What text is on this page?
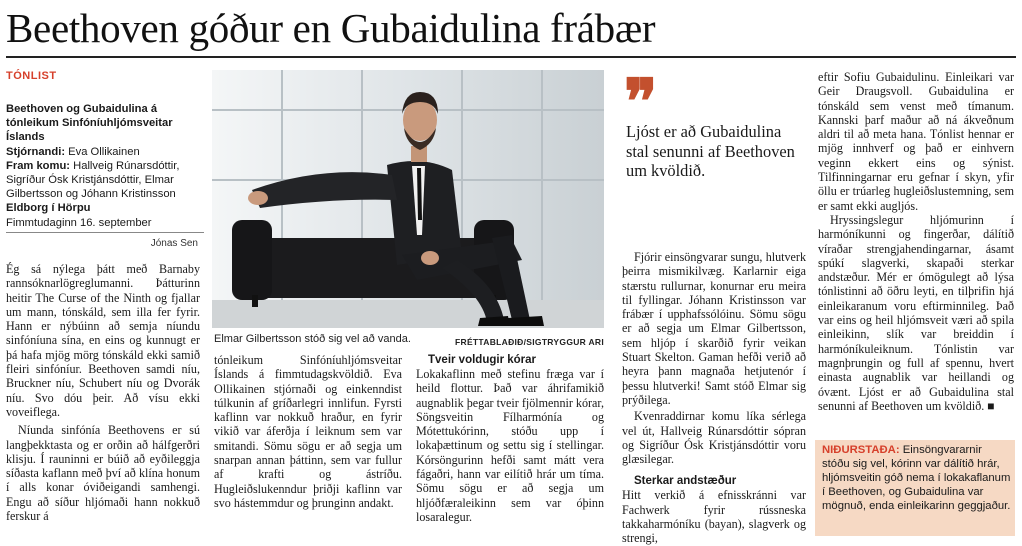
Beethoven góður en Gubaidulina frábær
TÓNLIST
Beethoven og Gubaidulina á tónleikum Sinfóníuhljómsveitar Íslands
Stjórnandi: Eva Ollikainen
Fram komu: Hallveig Rúnarsdóttir, Sigríður Ósk Kristjánsdóttir, Elmar Gilbertsson og Jóhann Kristinsson
Eldborg í Hörpu
Fimmtudaginn 16. september
Jónas Sen

Ég sá nýlega þátt með Barnaby rannsóknarlögreglumanni. Þátturinn heitir The Curse of the Ninth og fjallar um mann, tónskáld, sem illa fer fyrir. Hann er nýbúinn að semja níundu sinfóníuna sína, en eins og kunnugt er þá hafa mjög mörg tónskáld ekki samið fleiri sinfóníur. Beethoven samdi níu, Bruckner níu, Schubert níu og Dvorák níu. Svo dóu þeir. Að vísu ekki voveiflega.

Níunda sinfónía Beethovens er sú langþekktasta og er orðin að hálfgerðri klisju. Í rauninni er búið að eyðileggja síðasta kaflann með því að klína honum í alls konar óviðeigandi samhengi. Engu að síður hljómaði hann nokkuð ferskur á

Elmar Gilbertsson stóð sig vel að vanda.	FRÉTTABLAÐIÐ/SIGTRYGGUR ARI

tónleikum Sinfóníuhljómsveitar Íslands á fimmtudagskvöldið. Eva Ollikainen stjórnaði og einkenndist túlkunin af gríðarlegri innlifun. Fyrsti kaflinn var nokkuð hraður, en fyrir vikið var áferðja í leiknum sem var smitandi. Sömu sögu er að segja um snarpan annan þáttinn, sem var fullur af krafti og ástríðu. Hugleiðslukenndur þriðji kaflinn var svo hástemmdur og þrunginn andakt.

Tveir voldugir kórar

Lokakaflinn með stefinu fræga var í heild flottur. Það var áhrifamikið augnablik þegar tveir fjölmennir kórar, Söngsveitin Fílharmónía og Mótettukórinn, stóðu upp í lokaþættinum og settu sig í stellingar. Kórsöngurinn hefði samt mátt vera fágaðri, hann var eilítið hrár um tíma. Sömu sögu er að segja um hljóðfæraleikinn sem var óþinn losaralegur.

❞
Ljóst er að Gubaidulina stal senunni af Beethoven um kvöldið.

Fjórir einsöngvarar sungu, hlutverk þeirra mismikilvæg. Karlarnir eiga stærstu rullurnar, konurnar eru meira til fyllingar. Jóhann Kristinsson var frábær í upphafssólóinu. Sömu sögu er að segja um Elmar Gilbertsson, sem hljóp í skarðið fyrir veikan Stuart Skelton. Gaman hefði verið að heyra þann magnaða hetjutenór í þessu hlutverki! Samt stóð Elmar sig prýðilega.

Kvenraddirnar komu líka sérlega vel út, Hallveig Rúnarsdóttir sópran og Sigríður Ósk Kristjánsdóttir voru glæsilegar.

Sterkar andstæður

Hitt verkið á efnisskránni var Fachwerk fyrir rússneska takkaharmóníku (bayan), slagverk og strengi,

eftir Sofiu Gubaidulinu. Einleikari var Geir Draugsvoll. Gubaidulina er tónskáld sem venst með tímanum. Kannski þarf maður að ná ákveðnum aldri til að meta hana. Tónlist hennar er mjög innhverf og það er einhvern veginn ekkert eins og sýnist. Tilfinningarnar eru gefnar í skyn, yfir öllu er trúarleg hugleiðslustemning, sem er samt ekki augljós.

Hryssingslegur hljómurinn í harmóníkunni og fingerðar, dálítið víraðar strengjahendingarnar, ásamt spúkí slagverki, skapaði sterkar andstæður. Mér er ómögulegt að lýsa tónlistinni að öðru leyti, en tilþrifin hjá einleikaranum voru eftirminnileg. Það var eins og heil hljómsveit væri að spila einleikinn, slík var breiddin í harmóníkuleiknum. Tónlistin var magnþrungin og full af spennu, hvert einasta augnablik var heillandi og óvænt. Ljóst er að Gubaidulina stal senunni af Beethoven um kvöldið. ■

NIÐURSTAÐA: Einsöngvararnir stóðu sig vel, kórinn var dálítið hrár, hljómsveitin góð nema í lokakaflanum í Beethoven, og Gubaidulina var mögnuð, enda einleikarinn geggjaður.
